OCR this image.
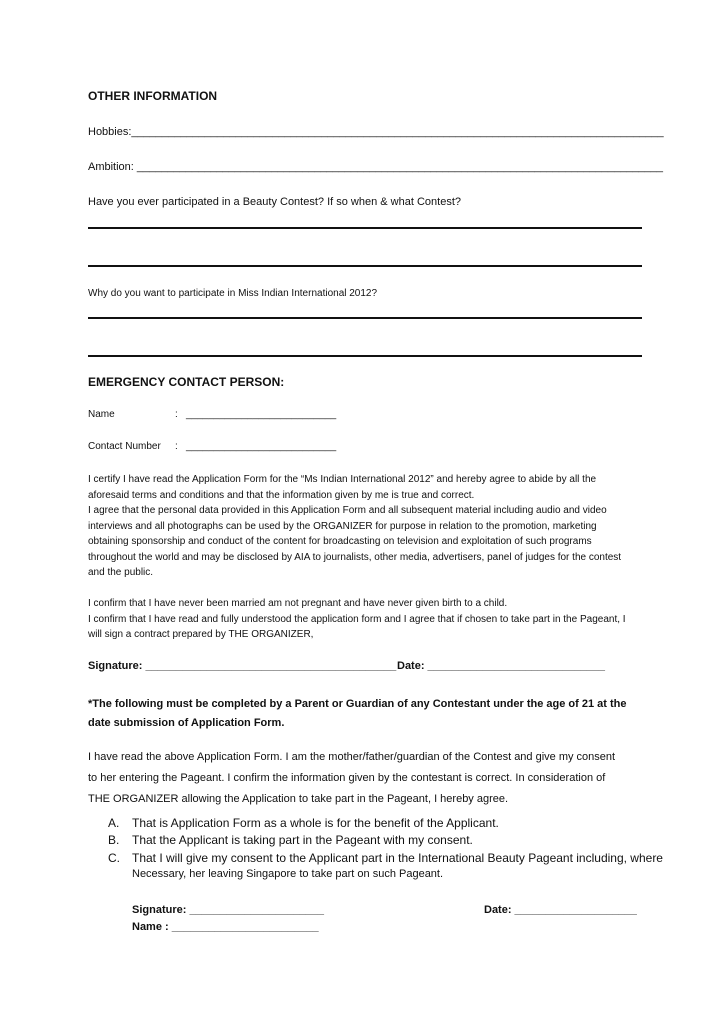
OTHER INFORMATION
Hobbies:_______________________________________________________________________________________
Ambition: ______________________________________________________________________________________
Have you ever participated in a Beauty Contest? If so when & what Contest?
Why do you want to participate in Miss Indian International 2012?
EMERGENCY CONTACT PERSON:
Name	: ___________________________
Contact Number : ___________________________
I certify I have read the Application Form for the “Ms Indian International 2012” and hereby agree to abide by all the
aforesaid terms and conditions and that the information given by me is true and correct.
I agree that the personal data provided in this Application Form and all subsequent material including audio and video
interviews and all photographs can be used by the ORGANIZER for purpose in relation to the promotion, marketing
obtaining sponsorship and conduct of the content for broadcasting on television and exploitation of such programs
throughout the world and may be disclosed by AIA to journalists, other media, advertisers, panel of judges for the contest
and the public.
I confirm that I have never been married am not pregnant and have never given birth to a child.
I confirm that I have read and fully understood the application form and I agree that if chosen to take part in the Pageant, I
will sign a contract prepared by THE ORGANIZER,
Signature: _________________________________________ Date: _____________________________
*The following must be completed by a Parent or Guardian of any Contestant under the age of 21 at the
date submission of Application Form.
I have read the above Application Form. I am the mother/father/guardian of the Contest and give my consent
to her entering the Pageant. I confirm the information given by the contestant is correct. In consideration of
THE ORGANIZER allowing the Application to take part in the Pageant, I hereby agree.
A. That is Application Form as a whole is for the benefit of the Applicant.
B. That the Applicant is taking part in the Pageant with my consent.
C. That I will give my consent to the Applicant part in the International Beauty Pageant including, where
Necessary, her leaving Singapore to take part on such Pageant.
Signature: ______________________	Date: ____________________
Name : ________________________
